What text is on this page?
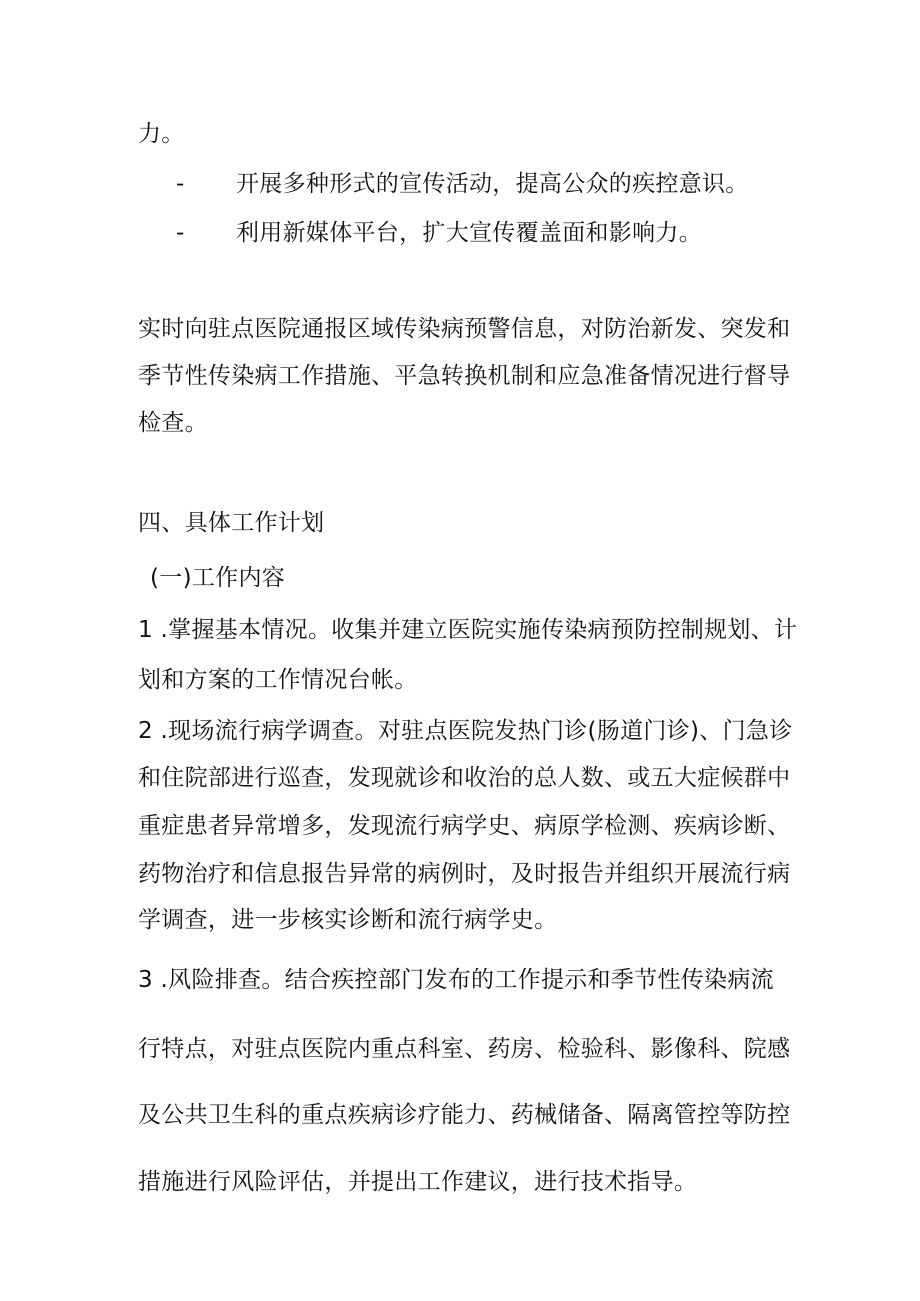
力。
- 开展多种形式的宣传活动，提高公众的疾控意识。
- 利用新媒体平台，扩大宣传覆盖面和影响力。
实时向驻点医院通报区域传染病预警信息，对防治新发、突发和
季节性传染病工作措施、平急转换机制和应急准备情况进行督导
检查。
四、具体工作计划
(一)工作内容
1 .掌握基本情况。收集并建立医院实施传染病预防控制规划、计
划和方案的工作情况台帐。
2 .现场流行病学调查。对驻点医院发热门诊(肠道门诊)、门急诊
和住院部进行巡查，发现就诊和收治的总人数、或五大症候群中
重症患者异常增多，发现流行病学史、病原学检测、疾病诊断、
药物治疗和信息报告异常的病例时，及时报告并组织开展流行病
学调查，进一步核实诊断和流行病学史。
3 .风险排查。结合疾控部门发布的工作提示和季节性传染病流
行特点，对驻点医院内重点科室、药房、检验科、影像科、院感
及公共卫生科的重点疾病诊疗能力、药械储备、隔离管控等防控
措施进行风险评估，并提出工作建议，进行技术指导。
